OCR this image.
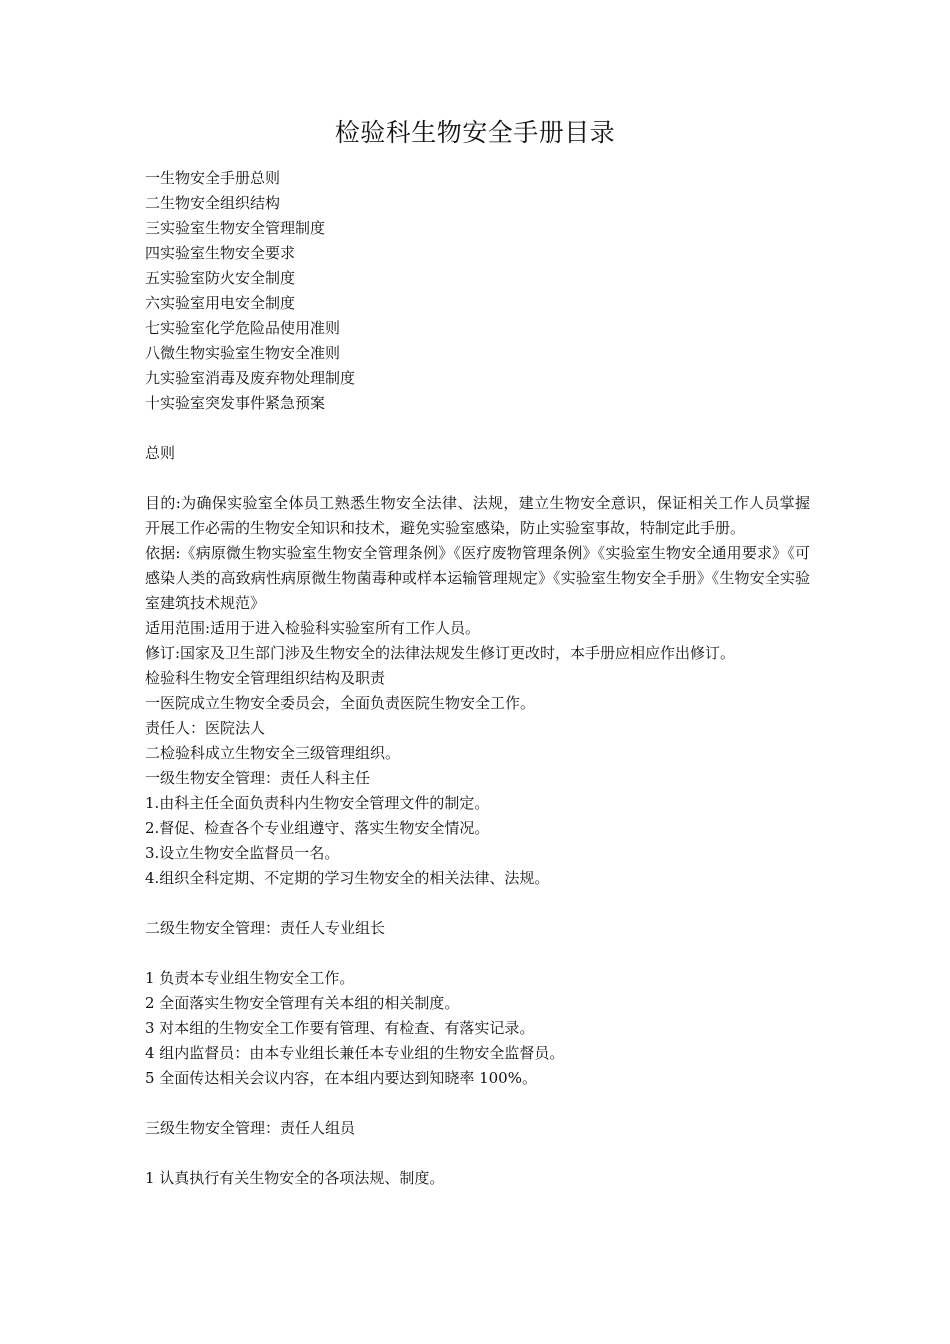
检验科生物安全手册目录
一生物安全手册总则
二生物安全组织结构
三实验室生物安全管理制度
四实验室生物安全要求
五实验室防火安全制度
六实验室用电安全制度
七实验室化学危险品使用准则
八微生物实验室生物安全准则
九实验室消毒及废弃物处理制度
十实验室突发事件紧急预案
总则
目的:为确保实验室全体员工熟悉生物安全法律、法规，建立生物安全意识，保证相关工作人员掌握开展工作必需的生物安全知识和技术，避免实验室感染，防止实验室事故，特制定此手册。
依据:《病原微生物实验室生物安全管理条例》《医疗废物管理条例》《实验室生物安全通用要求》《可感染人类的高致病性病原微生物菌毒种或样本运输管理规定》《实验室生物安全手册》《生物安全实验室建筑技术规范》
适用范围:适用于进入检验科实验室所有工作人员。
修订:国家及卫生部门涉及生物安全的法律法规发生修订更改时，本手册应相应作出修订。
检验科生物安全管理组织结构及职责
一医院成立生物安全委员会，全面负责医院生物安全工作。
责任人：医院法人
二检验科成立生物安全三级管理组织。
一级生物安全管理：责任人科主任
1.由科主任全面负责科内生物安全管理文件的制定。
2.督促、检查各个专业组遵守、落实生物安全情况。
3.设立生物安全监督员一名。
4.组织全科定期、不定期的学习生物安全的相关法律、法规。
二级生物安全管理：责任人专业组长
1 负责本专业组生物安全工作。
2 全面落实生物安全管理有关本组的相关制度。
3 对本组的生物安全工作要有管理、有检查、有落实记录。
4 组内监督员：由本专业组长兼任本专业组的生物安全监督员。
5 全面传达相关会议内容，在本组内要达到知晓率 100%。
三级生物安全管理：责任人组员
1 认真执行有关生物安全的各项法规、制度。
